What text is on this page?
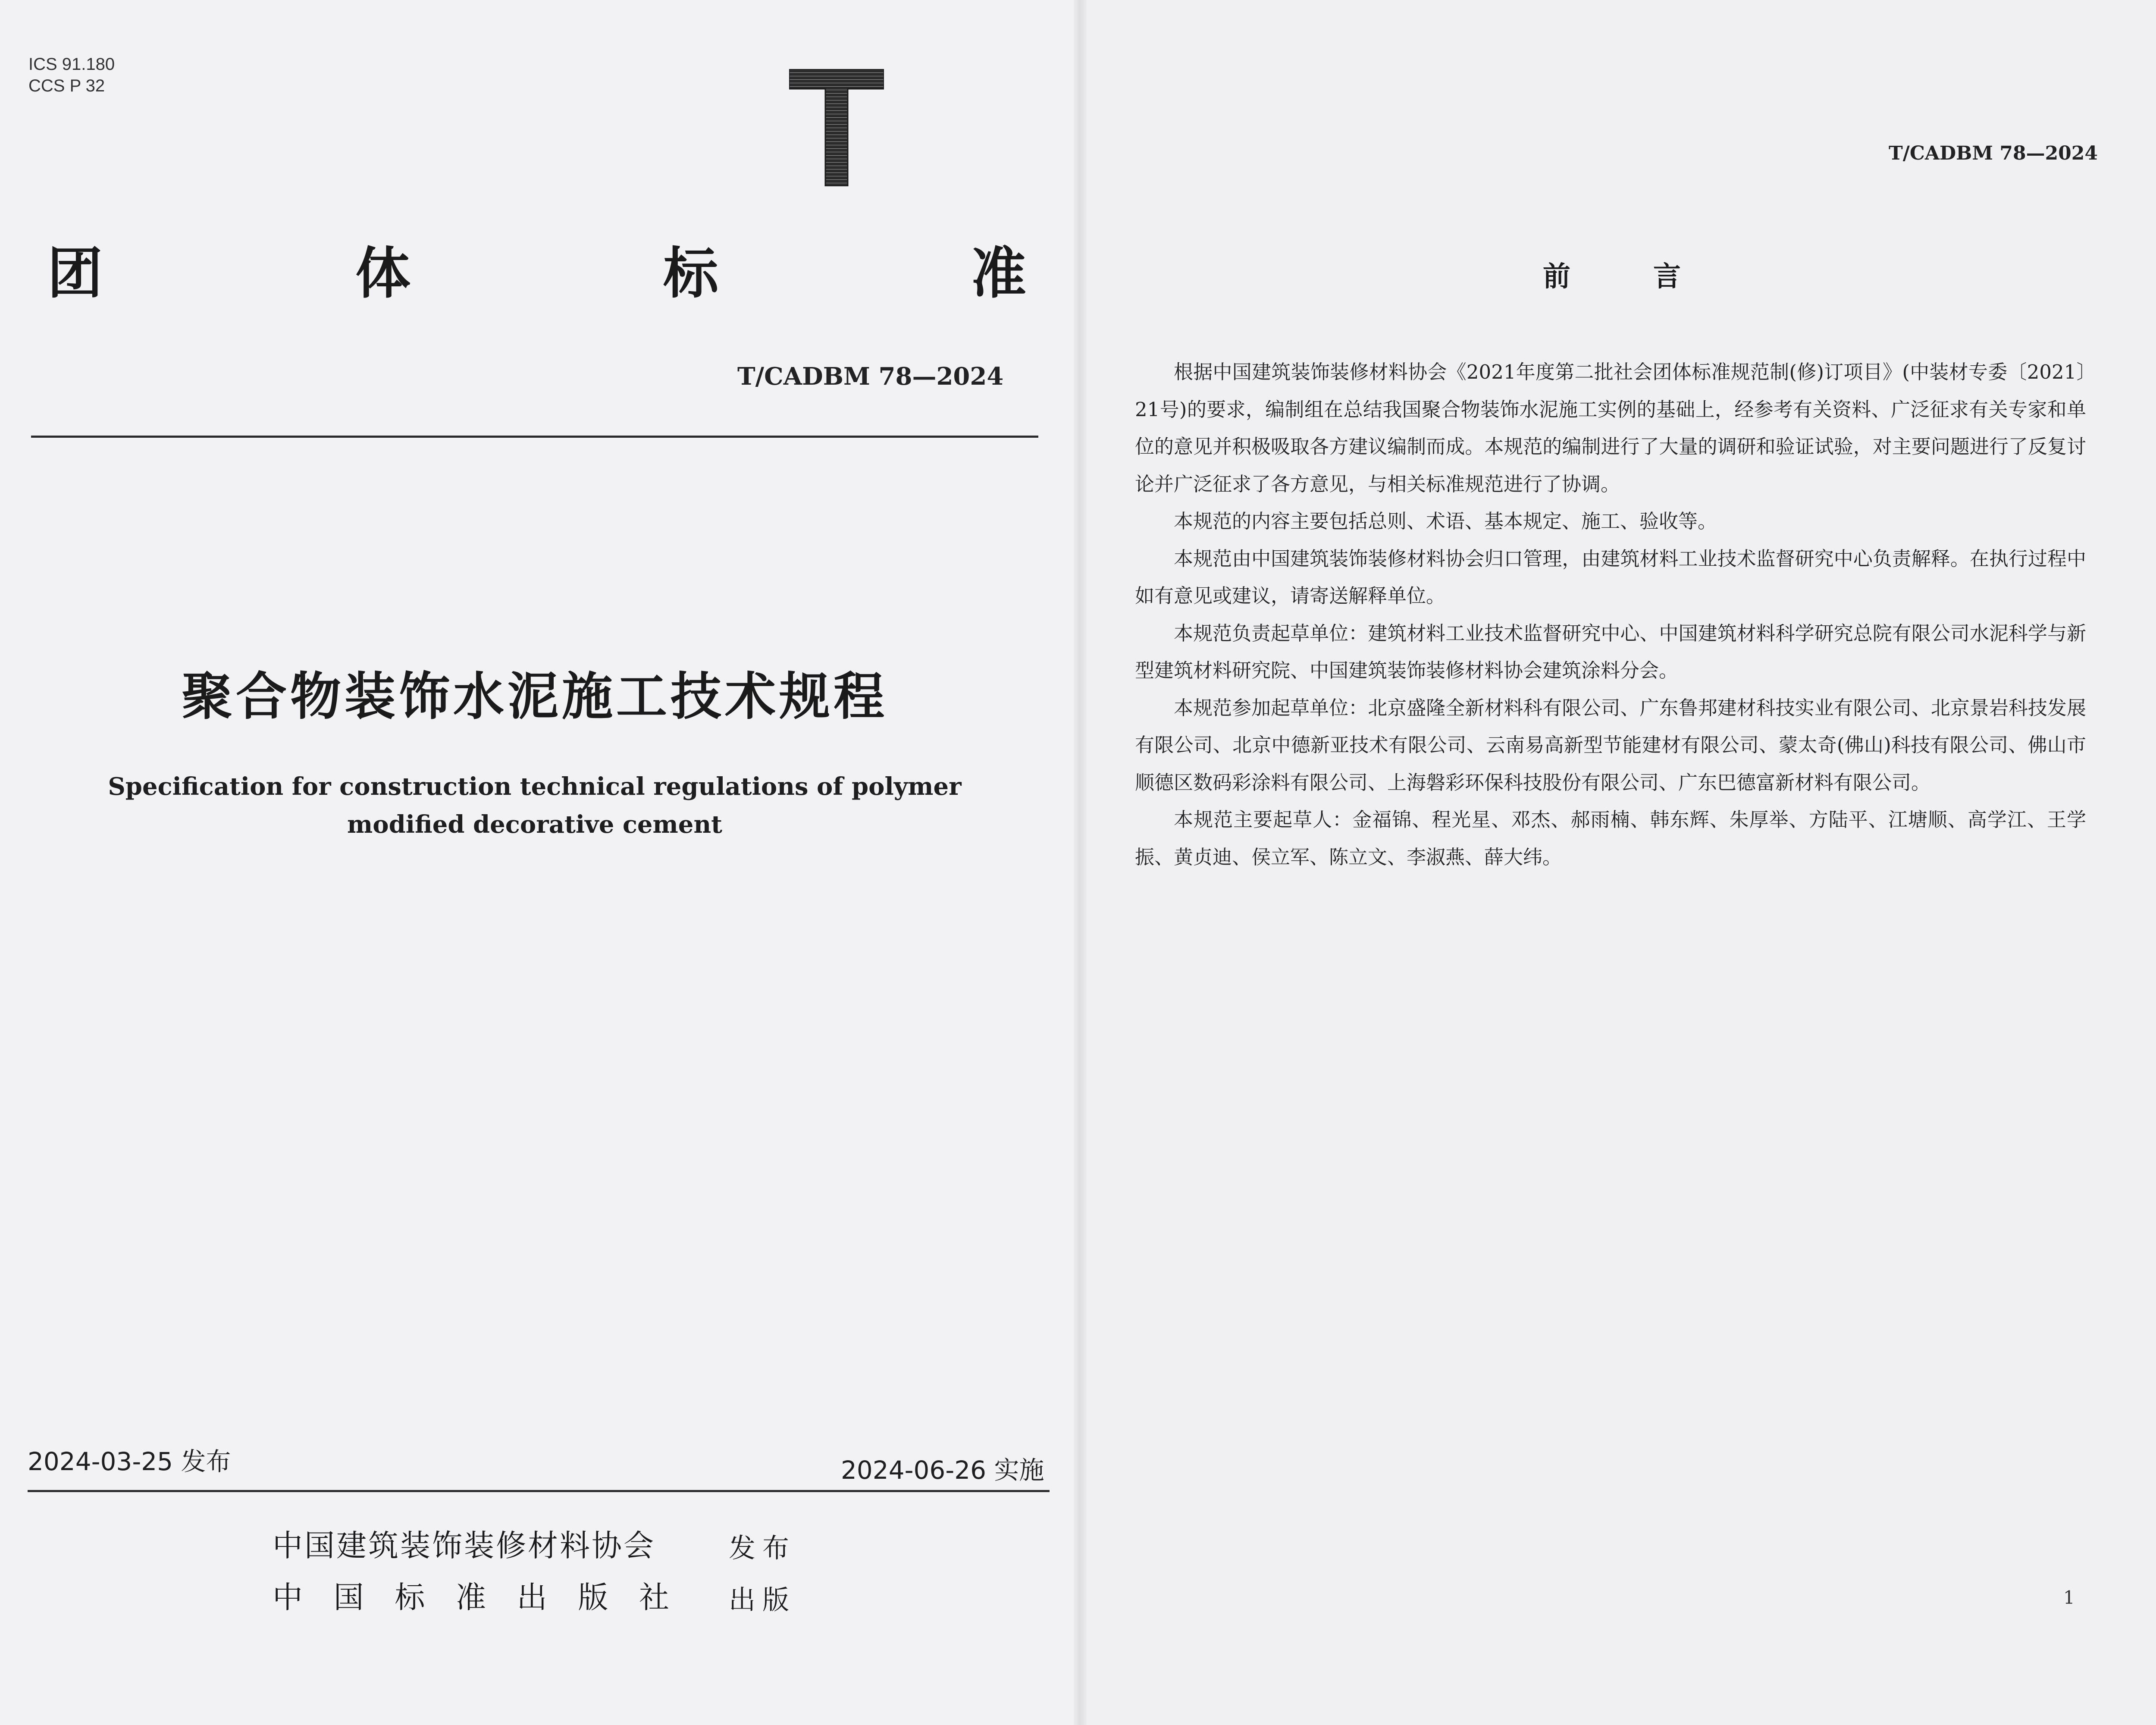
ICS 91.180
CCS P 32
团	体	标	准
T/CADBM 78—2024
聚合物装饰水泥施工技术规程
Specification for construction technical regulations of polymer
modified decorative cement
2024-03-25 发布	2024-06-26 实施
中国建筑装饰装修材料协会	发布
中 国 标 准 出 版 社 出版
T/CADBM 78—2024
前	言

根据中国建筑装饰装修材料协会《2021年度第二批社会团体标准规范制(修)订项目》(中装材专委〔2021〕21号)的要求，编制组在总结我国聚合物装饰水泥施工实例的基础上，经参考有关资料、广泛征求有关专家和单位的意见并积极吸取各方建议编制而成。本规范的编制进行了大量的调研和验证试验，对主要问题进行了反复讨论并广泛征求了各方意见，与相关标准规范进行了协调。

本规范的内容主要包括总则、术语、基本规定、施工、验收等。

本规范由中国建筑装饰装修材料协会归口管理，由建筑材料工业技术监督研究中心负责解释。在执行过程中如有意见或建议，请寄送解释单位。

本规范负责起草单位：建筑材料工业技术监督研究中心、中国建筑材料科学研究总院有限公司水泥科学与新型建筑材料研究院、中国建筑装饰装修材料协会建筑涂料分会。

本规范参加起草单位：北京盛隆全新材料科有限公司、广东鲁邦建材科技实业有限公司、北京景岩科技发展有限公司、北京中德新亚技术有限公司、云南易高新型节能建材有限公司、蒙太奇(佛山)科技有限公司、佛山市顺德区数码彩涂料有限公司、上海磐彩环保科技股份有限公司、广东巴德富新材料有限公司。

本规范主要起草人：金福锦、程光星、邓杰、郝雨楠、韩东辉、朱厚举、方陆平、江塘顺、高学江、王学振、黄贞迪、侯立军、陈立文、李淑燕、薛大纬。

1
